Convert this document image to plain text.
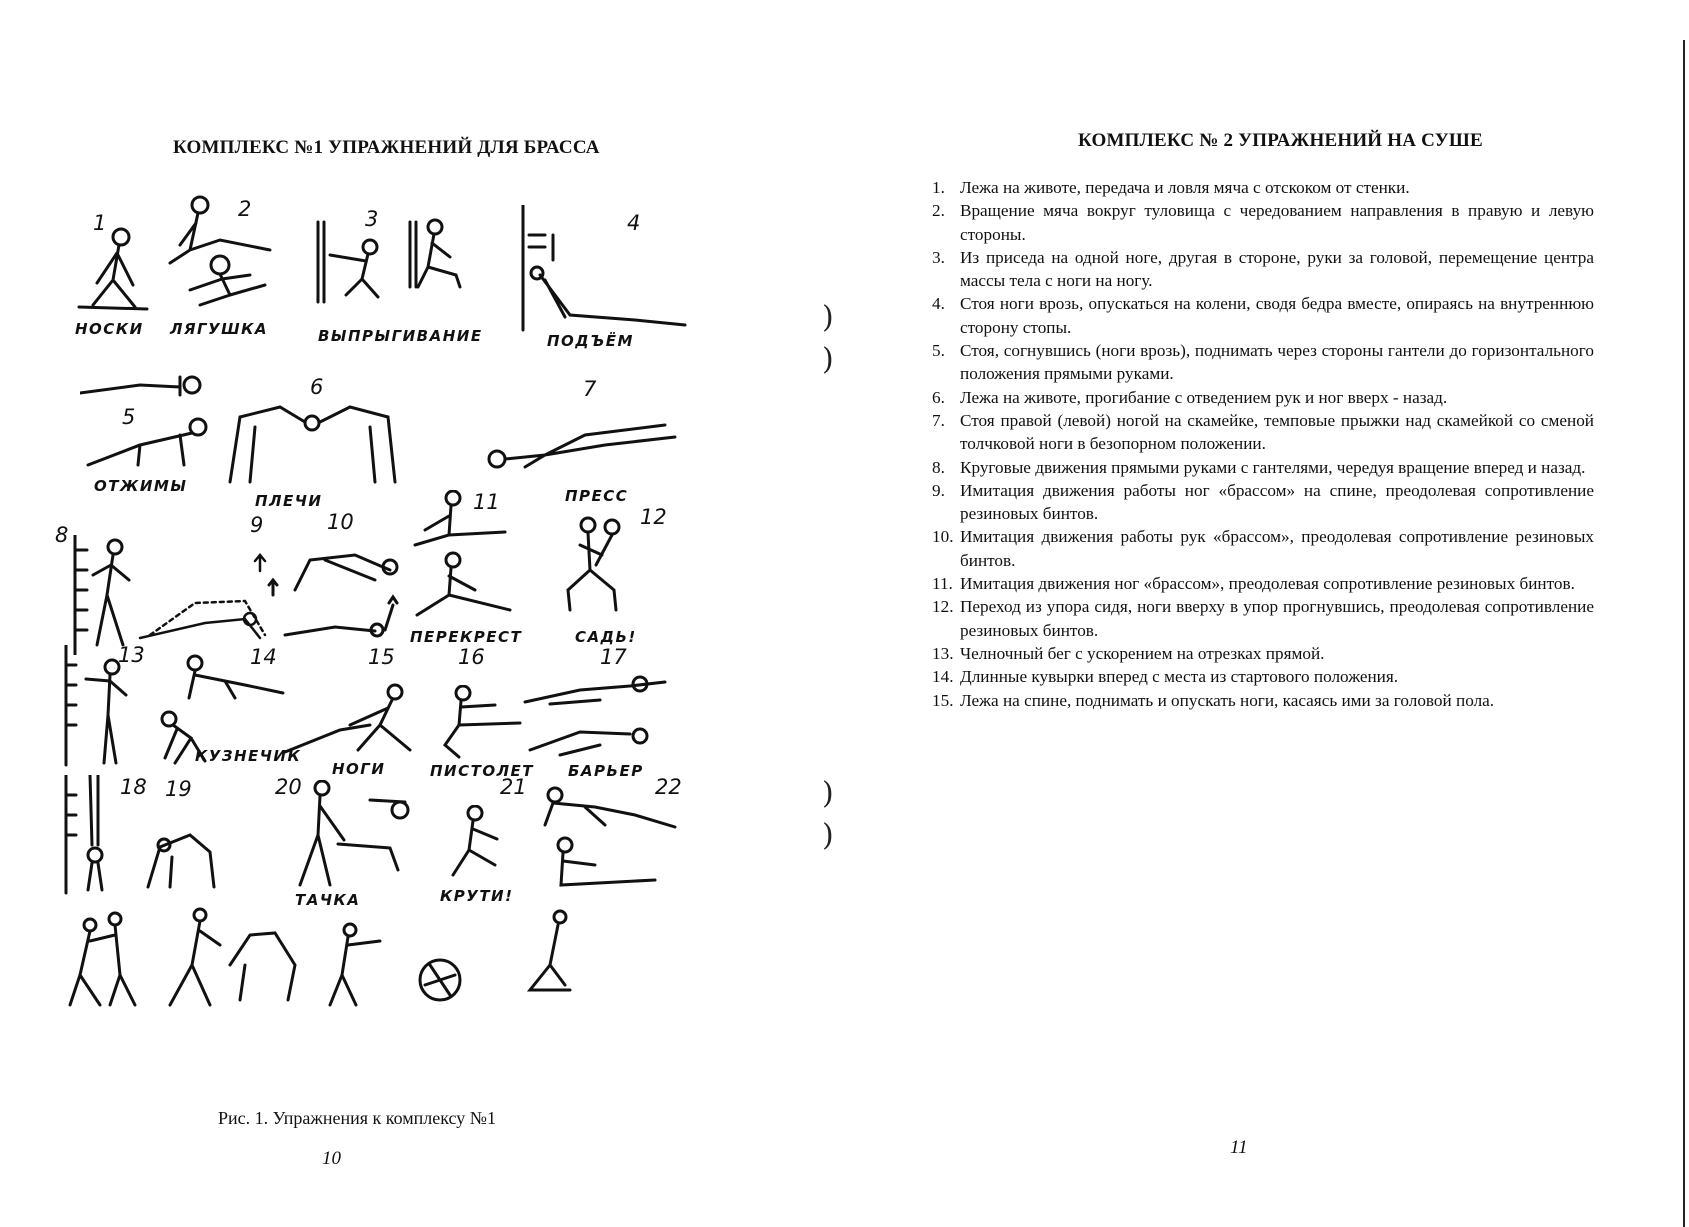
КОМПЛЕКС №1 УПРАЖНЕНИЙ ДЛЯ БРАССА
1
НОСКИ
2
ЛЯГУШКА
3
ВЫПРЫГИВАНИЕ
4
ПОДЪЁМ
5
ОТЖИМЫ
6
ПЛЕЧИ
7
ПРЕСС
8	9	10
11
ПЕРЕКРЕСТ
12
САДЬ!
13	14
КУЗНЕЧИК
15
НОГИ
16
ПИСТОЛЕТ
17
БАРЬЕР
18 19	20
ТАЧКА
21
КРУТИ!
22
Рис. 1. Упражнения к комплексу №1
10
)
)
)
)
КОМПЛЕКС № 2 УПРАЖНЕНИЙ НА СУШЕ
1. Лежа на животе, передача и ловля мяча с отскоком от стенки.
2. Вращение мяча вокруг туловища с чередованием направления в правую и левую стороны.
3. Из приседа на одной ноге, другая в стороне, руки за головой, перемещение центра массы тела с ноги на ногу.
4. Стоя ноги врозь, опускаться на колени, сводя бедра вместе, опираясь на внутреннюю сторону стопы.
5. Стоя, согнувшись (ноги врозь), поднимать через стороны гантели до горизонтального положения прямыми руками.
6. Лежа на животе, прогибание с отведением рук и ног вверх - назад.
7. Стоя правой (левой) ногой на скамейке, темповые прыжки над скамейкой со сменой толчковой ноги в безопорном положении.
8. Круговые движения прямыми руками с гантелями, чередуя вращение вперед и назад.
9. Имитация движения работы ног «брассом» на спине, преодолевая сопротивление резиновых бинтов.
10. Имитация движения работы рук «брассом», преодолевая сопротивление резиновых бинтов.
11. Имитация движения ног «брассом», преодолевая сопротивление резиновых бинтов.
12. Переход из упора сидя, ноги вверху в упор прогнувшись, преодолевая сопротивление резиновых бинтов.
13. Челночный бег с ускорением на отрезках прямой.
14. Длинные кувырки вперед с места из стартового положения.
15. Лежа на спине, поднимать и опускать ноги, касаясь ими за головой пола.
11
